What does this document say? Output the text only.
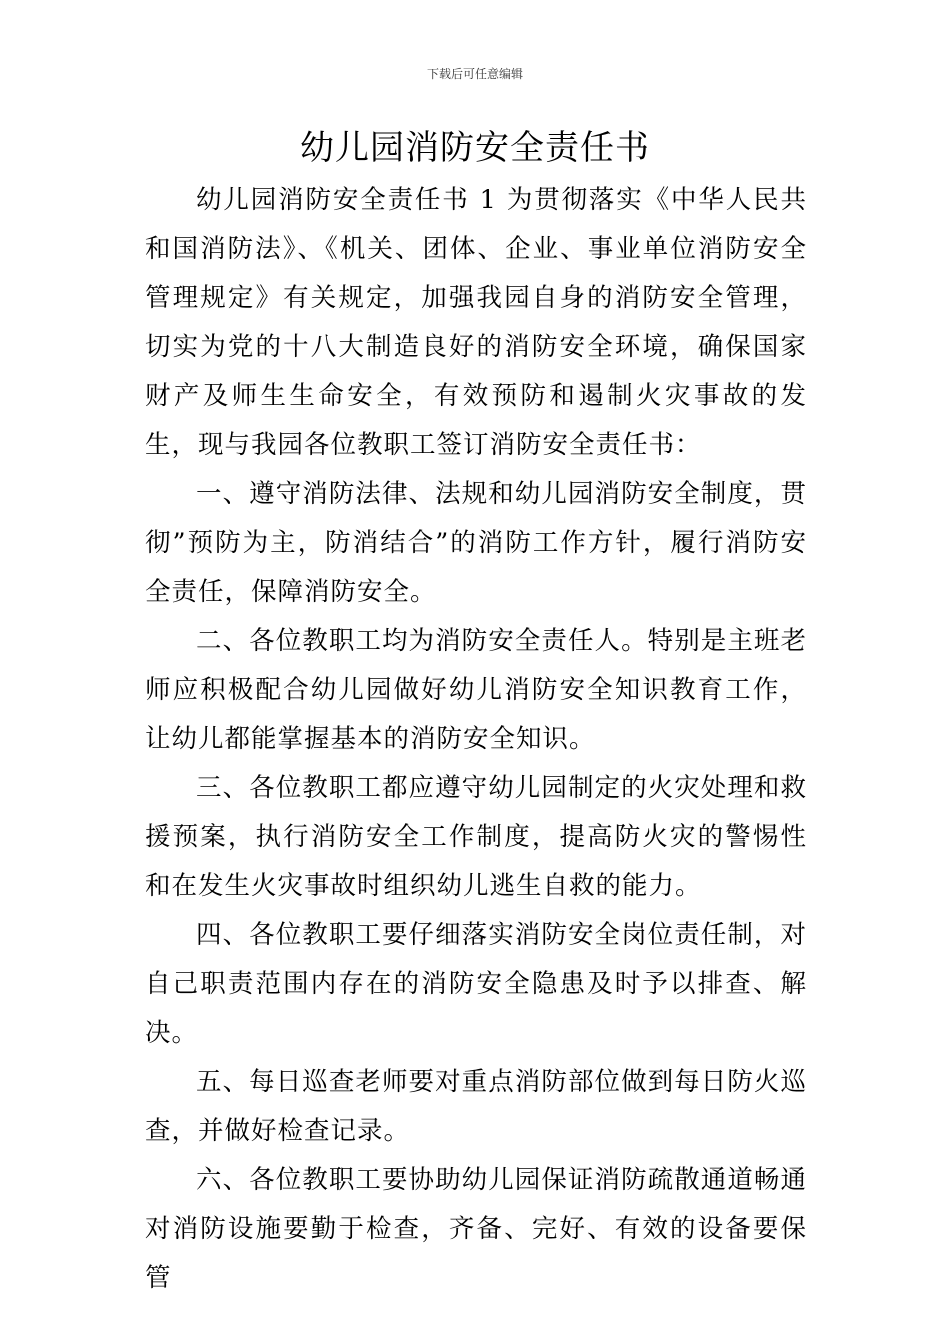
下载后可任意编辑
幼儿园消防安全责任书

幼儿园消防安全责任书 1 为贯彻落实《中华人民共和国消防法》、《机关、团体、企业、事业单位消防安全管理规定》有关规定，加强我园自身的消防安全管理，切实为党的十八大制造良好的消防安全环境，确保国家财产及师生生命安全，有效预防和遏制火灾事故的发生，现与我园各位教职工签订消防安全责任书：

一、遵守消防法律、法规和幼儿园消防安全制度，贯彻”预防为主，防消结合”的消防工作方针，履行消防安全责任，保障消防安全。

二、各位教职工均为消防安全责任人。特别是主班老师应积极配合幼儿园做好幼儿消防安全知识教育工作，让幼儿都能掌握基本的消防安全知识。

三、各位教职工都应遵守幼儿园制定的火灾处理和救援预案，执行消防安全工作制度，提高防火灾的警惕性和在发生火灾事故时组织幼儿逃生自救的能力。

四、各位教职工要仔细落实消防安全岗位责任制，对自己职责范围内存在的消防安全隐患及时予以排查、解决。

五、每日巡查老师要对重点消防部位做到每日防火巡查，并做好检查记录。

六、各位教职工要协助幼儿园保证消防疏散通道畅通对消防设施要勤于检查，齐备、完好、有效的设备要保管
